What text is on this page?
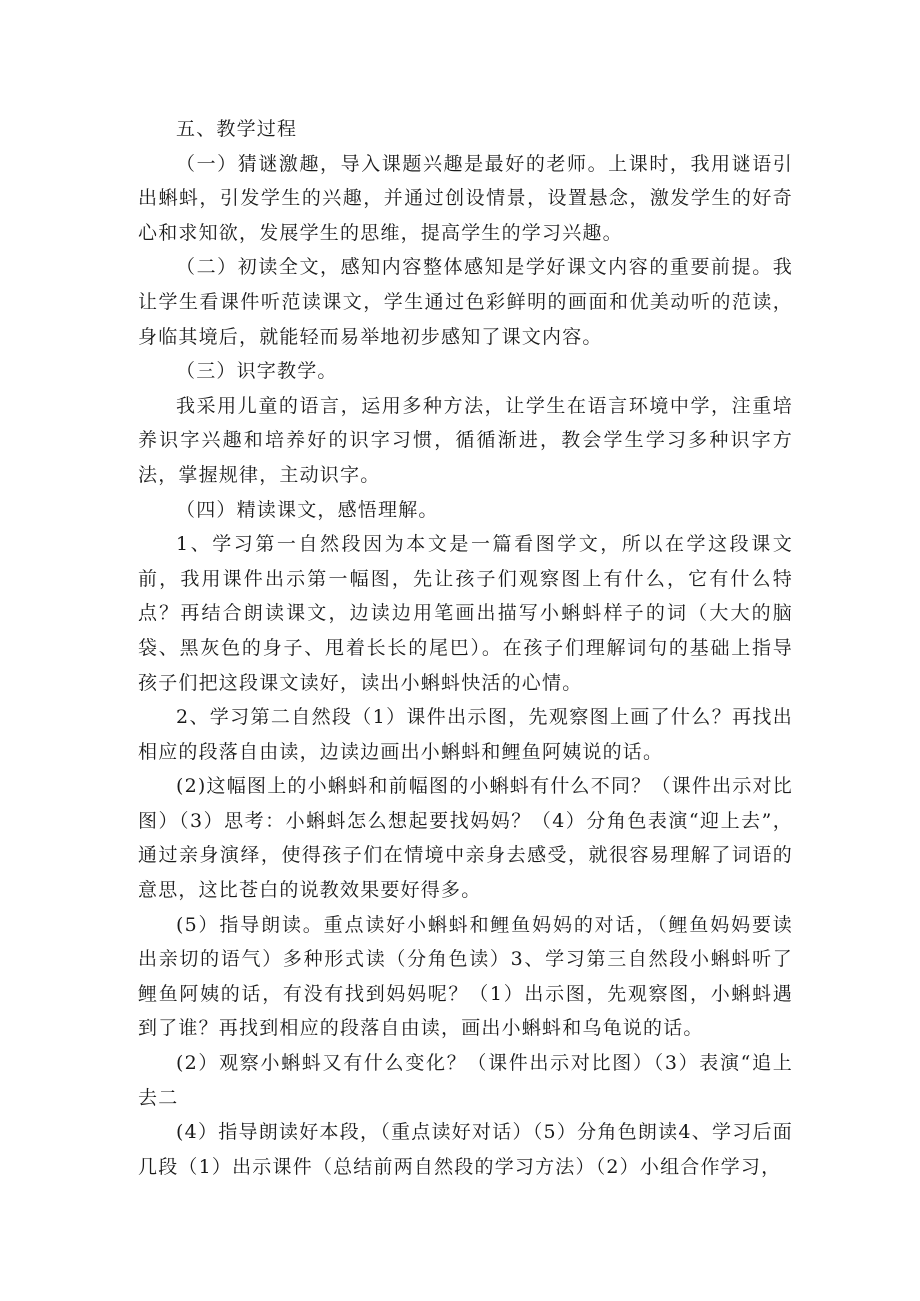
五、教学过程

（一）猜谜激趣，导入课题兴趣是最好的老师。上课时，我用谜语引出蝌蚪，引发学生的兴趣，并通过创设情景，设置悬念，激发学生的好奇心和求知欲，发展学生的思维，提高学生的学习兴趣。

（二）初读全文，感知内容整体感知是学好课文内容的重要前提。我让学生看课件听范读课文，学生通过色彩鲜明的画面和优美动听的范读，身临其境后，就能轻而易举地初步感知了课文内容。

（三）识字教学。

我采用儿童的语言，运用多种方法，让学生在语言环境中学，注重培养识字兴趣和培养好的识字习惯，循循渐进，教会学生学习多种识字方法，掌握规律，主动识字。

（四）精读课文，感悟理解。

1、学习第一自然段因为本文是一篇看图学文，所以在学这段课文前，我用课件出示第一幅图，先让孩子们观察图上有什么，它有什么特点？再结合朗读课文，边读边用笔画出描写小蝌蚪样子的词（大大的脑袋、黑灰色的身子、甩着长长的尾巴）。在孩子们理解词句的基础上指导孩子们把这段课文读好，读出小蝌蚪快活的心情。

2、学习第二自然段（1）课件出示图，先观察图上画了什么？再找出相应的段落自由读，边读边画出小蝌蚪和鲤鱼阿姨说的话。

(2)这幅图上的小蝌蚪和前幅图的小蝌蚪有什么不同？（课件出示对比图）（3）思考：小蝌蚪怎么想起要找妈妈？（4）分角色表演“迎上去”，通过亲身演绎，使得孩子们在情境中亲身去感受，就很容易理解了词语的意思，这比苍白的说教效果要好得多。

(5）指导朗读。重点读好小蝌蚪和鲤鱼妈妈的对话，（鲤鱼妈妈要读出亲切的语气）多种形式读（分角色读）3、学习第三自然段小蝌蚪听了鲤鱼阿姨的话，有没有找到妈妈呢？（1）出示图，先观察图，小蝌蚪遇到了谁？再找到相应的段落自由读，画出小蝌蚪和乌龟说的话。

(2）观察小蝌蚪又有什么变化？（课件出示对比图）（3）表演“追上去二

(4）指导朗读好本段，（重点读好对话）（5）分角色朗读4、学习后面几段（1）出示课件（总结前两自然段的学习方法）（2）小组合作学习，
